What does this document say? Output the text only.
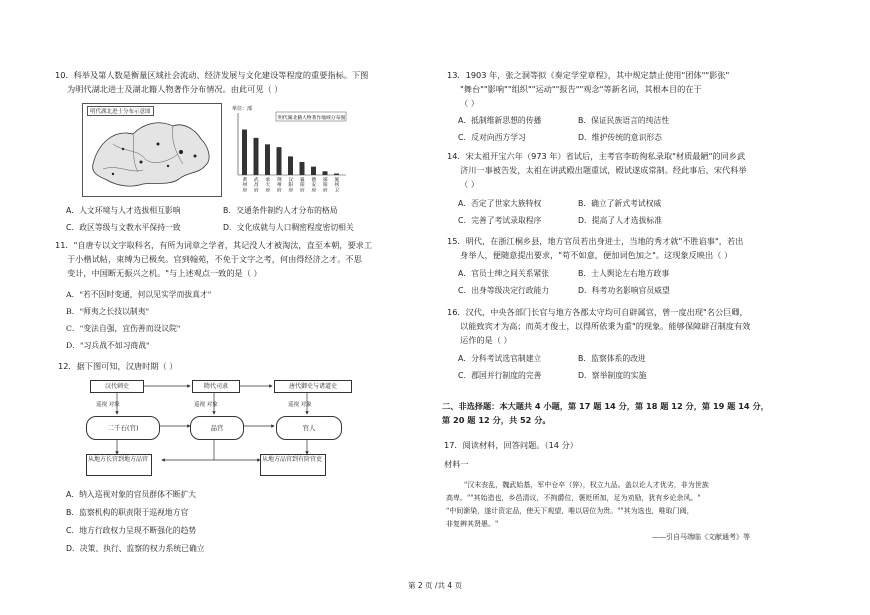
10．科举及第人数是衡量区域社会流动、经济发展与文化建设等程度的重要指标。下图
为明代湖北进士及湖北籍人物著作分布情况。由此可见（ ）
明代湖北进士分布示意图	单位：部
明代湖北籍人物著作地域分布图
黄
州
府
武
昌
府
承
天
府
荆
州
府
汉
阳
府
襄
阳
府
德
安
府
郧
阳
府
施
州
卫
A．人文环境与人才选拔相互影响	B．交通条件制约人才分布的格局
C．政区等级与文教水平保持一致	D．文化成就与人口稠密程度密切相关
11．"自唐专以文字取科名，有所为词章之学者，其记没人才被淘汰，直至本朝，要求工
于小楷试帖，束缚为已极矣。官到翰苑，不免于文字之考，何由得经济之才。不思
变计，中国断无振兴之机。"与上述观点一致的是（ ）
A．"若不因时变通，何以见实学而拔真才"
B．"师夷之长技以制夷"
C．"变法自强，宜伤善而设议院"
D．"习兵战不如习商战"
12．据下图可知，汉唐时期（ ）
汉代刺史	隋代司隶	唐代御史与诸道史
巡视 对象	巡视 对象	巡视 对象
二千石(官)	品官	官人
从地方长官到地方品官	从地方品官到有阶官吏
A．纳入巡视对象的官员群体不断扩大
B．监察机构的职责限于巡视地方官
C．地方行政权力呈现不断强化的趋势
D．决策、执行、监察的权力系统已确立
13．1903 年，张之洞等拟《奏定学堂章程》，其中规定禁止使用"团体""影张"
"舞台""影响""组织""运动""报告""观念"等新名词，其根本目的在于
（ ）
A．抵制维新思想的传播	B．保证民族语言的纯洁性
C．反对向西方学习	D．维护传统的意识形态
14．宋太祖开宝六年（973 年）省试后，主考官李昉徇私录取"材质最陋"的同乡武
济川一事被告发，太祖在讲武殿出题重试，殿试遂成常制。经此事后，宋代科举
（ ）
A．否定了世家大族特权	B．确立了新式考试权威
C．完善了考试录取程序	D．提高了人才选拔标准
15．明代，在浙江桐乡县，地方官员若出身进士，当地的秀才就"不胜谄事"，若出
身举人，便随意提出要求，"苟不如意，便加词色加之"。这现象反映出（ ）
A．官员士绅之间关系紧张	B．士人舆论左右地方政事
C．出身等级决定行政能力	D．科考功名影响官员威望
16．汉代，中央各部门长官与地方各郡太守均可自辟属官，曾一度出现"名公巨卿，
以能致宾才为高；而英才俊士，以得所依秉为重"的现象。能够保障辟召制度有效
运作的是（ ）
A．分科考试选官制建立	B．监察体系的改进
C．郡国并行制度的完善	D．察举制度的实施
二、非选择题：本大题共 4 小题，第 17 题 14 分，第 18 题 12 分，第 19 题 14 分，
第 20 题 12 分，共 52 分。
17．阅读材料，回答问题。（14 分）
材料一
"汉末丧乱，魏武始基，军中仓卒（猝），权立九品。盖以论人才优劣，非为世族
高卑。""其始造也，乡邑清议，不拘爵位，褒贬所加，足为劝励，犹有乡论余风。"
"中间渐染，遂计资定品，使天下观望，唯以居位为贵。""其为选也，唯取门阀，
非复辨其贤愚。"
——引自马端临《文献通考》等
第 2 页 /共 4 页
